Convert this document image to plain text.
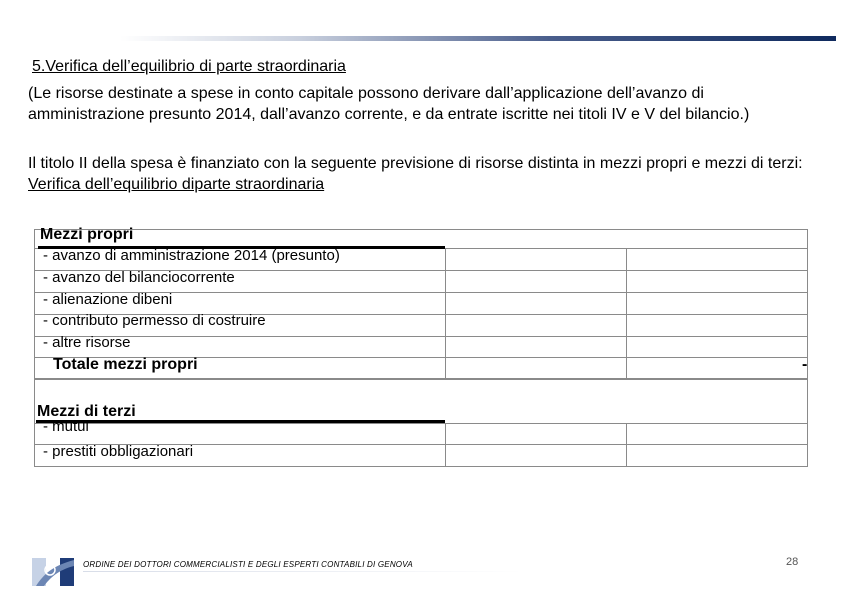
5.Verifica dell’equilibrio di parte straordinaria
(Le risorse destinate a spese in conto capitale possono derivare dall’applicazione dell’avanzo di amministrazione presunto 2014, dall’avanzo corrente, e da entrate iscritte nei titoli IV e V del bilancio.)
Il titolo II della spesa è finanziato con la seguente previsione di risorse distinta in mezzi propri e mezzi di terzi: Verifica dell’equilibrio diparte straordinaria
Mezzi propri
- avanzo di amministrazione 2014 (presunto)
- avanzo del bilanciocorrente
- alienazione dibeni
- contributo permesso di costruire
- altre risorse
Totale mezzi propri	-
Mezzi di terzi
- mutui
- prestiti obbligazionari
ORDINE DEI DOTTORI COMMERCIALISTI E DEGLI ESPERTI CONTABILI DI GENOVA	28
